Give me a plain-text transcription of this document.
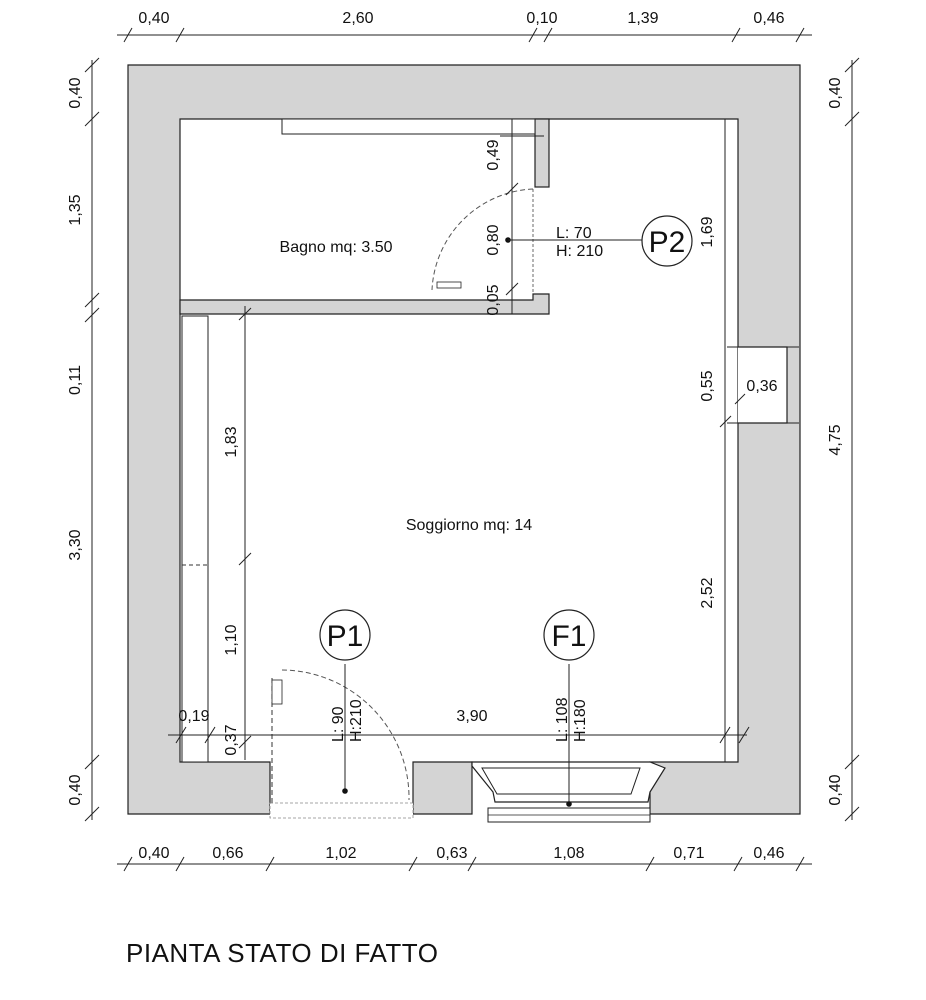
0,40	2,60	0,10	1,39	0,46
0,40	0,66	1,02	0,63	1,08	0,71	0,46
0,40
1,35
0,11
3,30
0,40
0,40
4,75
0,40
0,49
0,80
0,05
1,69
0,55 0,36
2,52
1,83
1,10
0,19
0,37
3,90
Bagno mq: 3.50
Soggiorno mq: 14
P2
L: 70
H: 210
P1
L: 90 H:210
F1
L: 108 H:180
PIANTA STATO DI FATTO
